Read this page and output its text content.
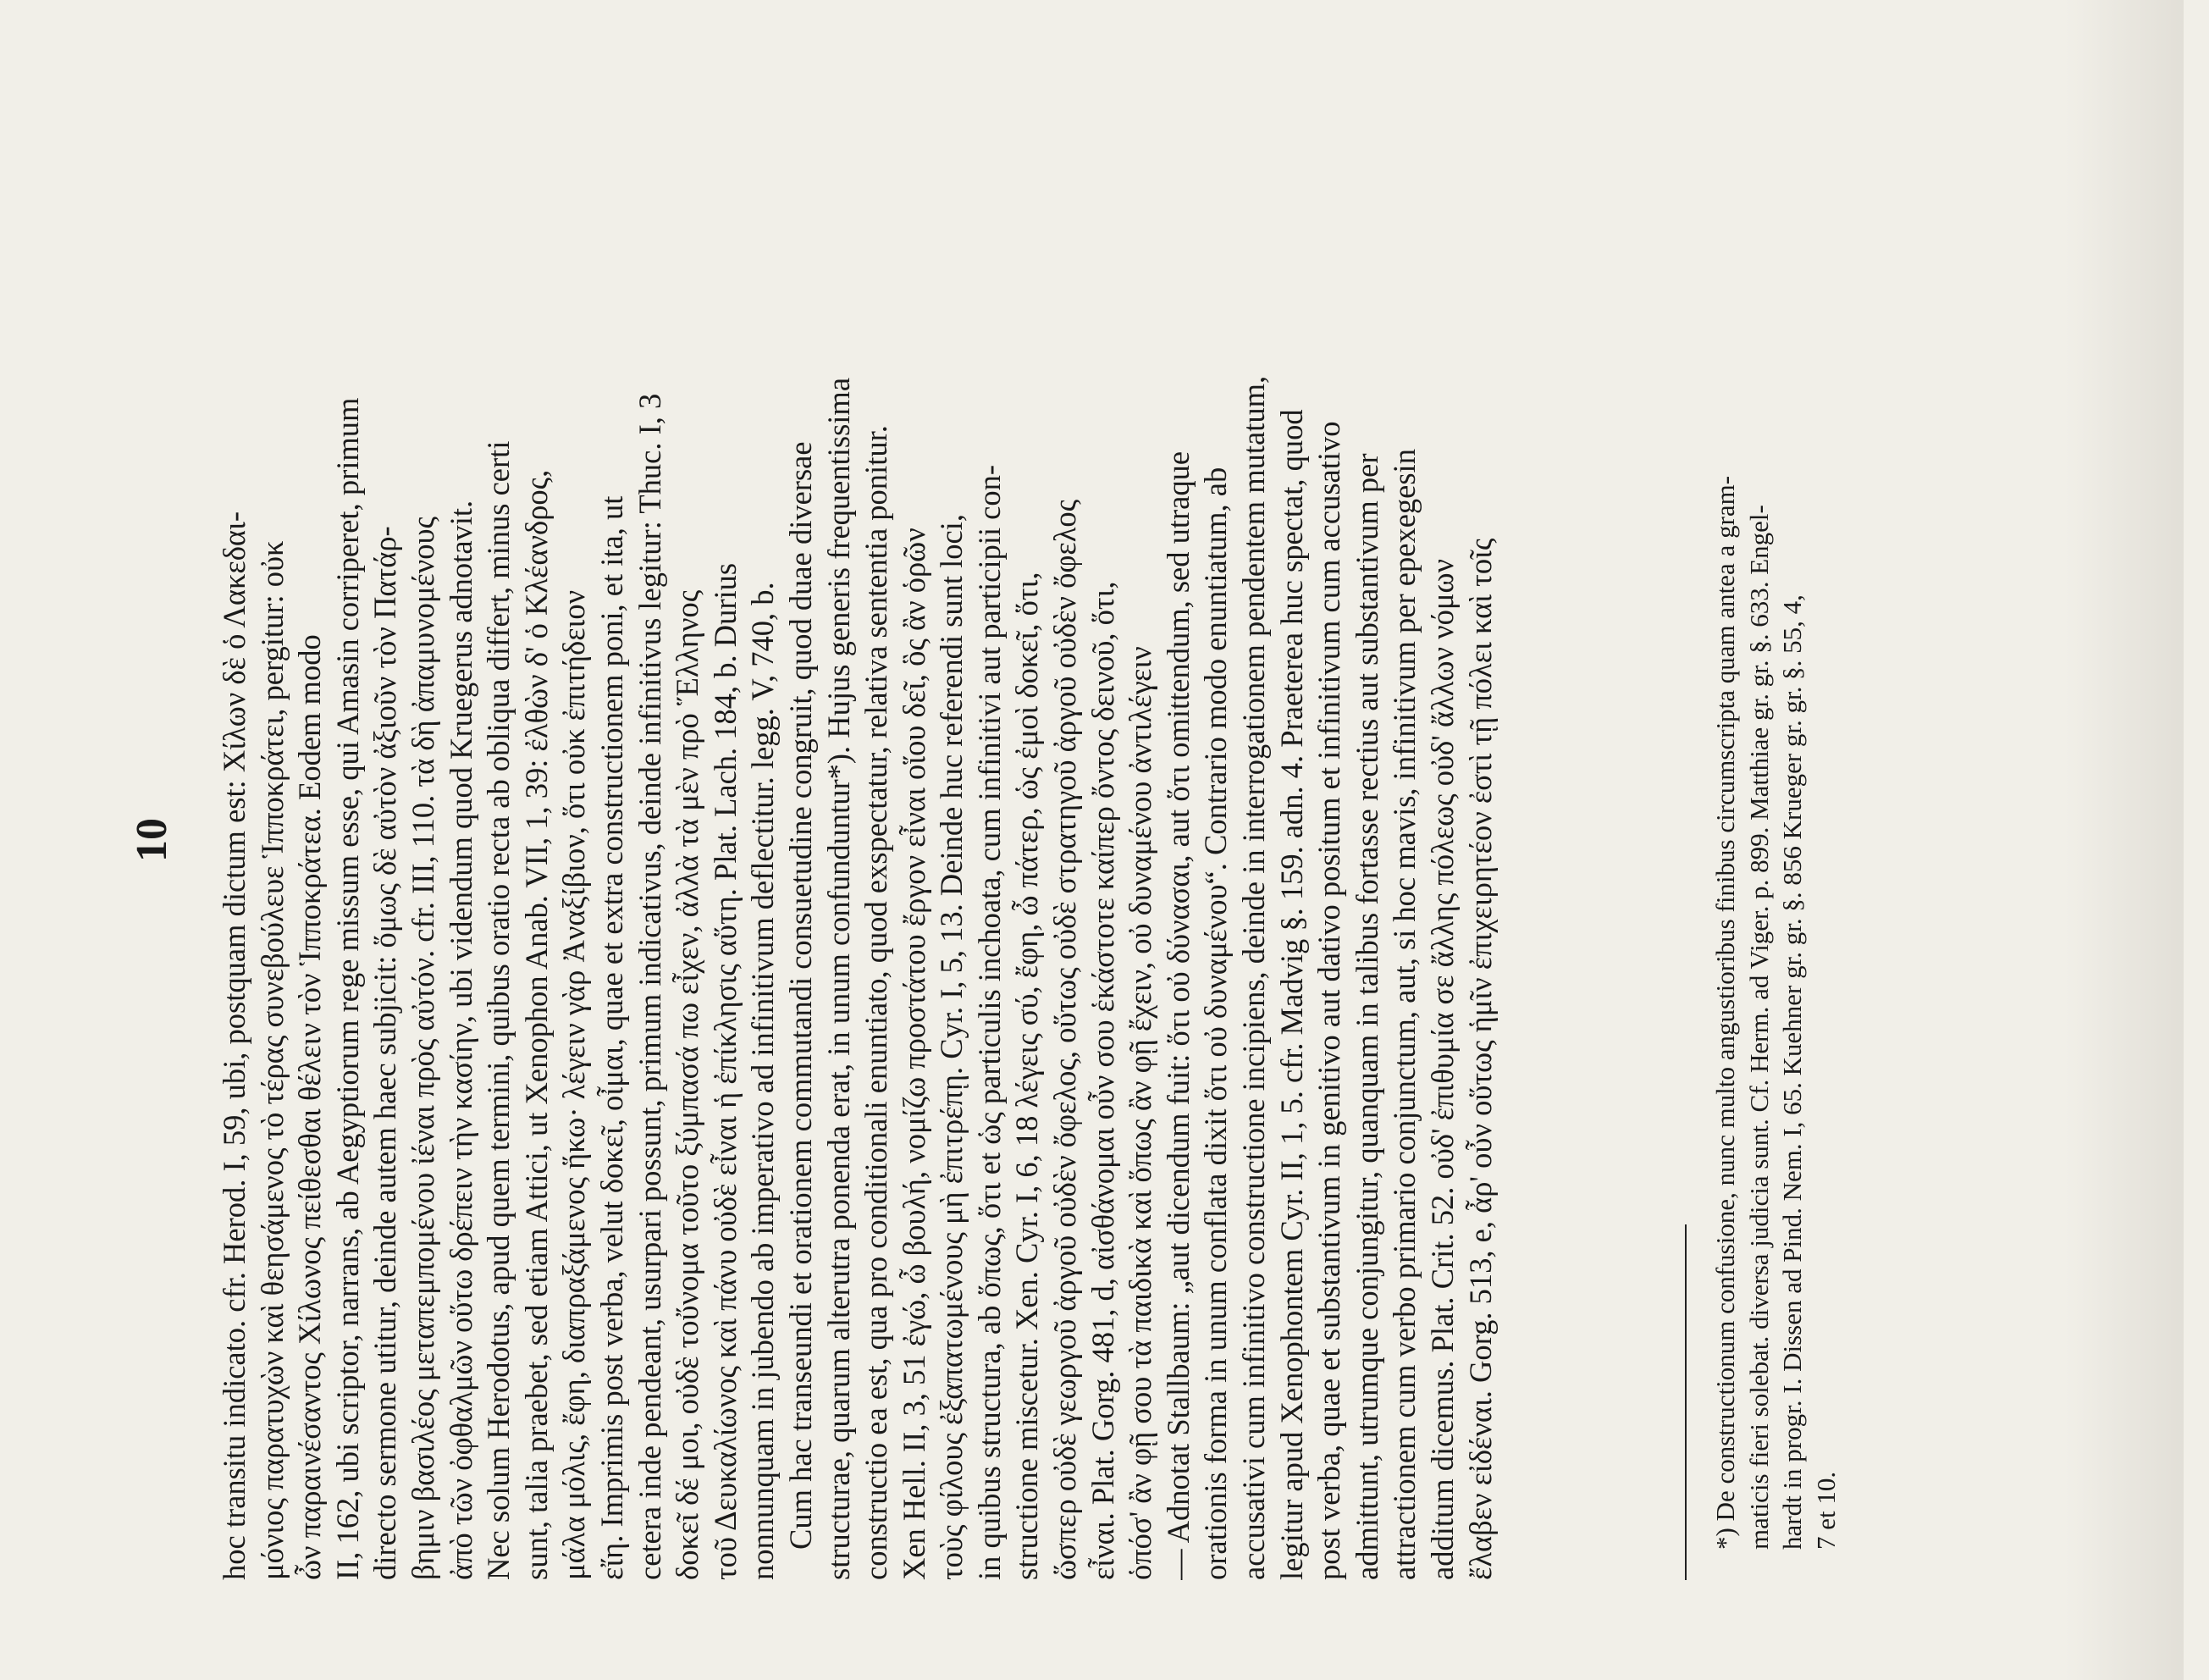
10 hoc transitu indicato. cfr. Herod. I, 59, ubi, postquam dictum est: Χίλων δὲ ὁ Λακεδαι- μόνιος παρατυχὼν καὶ θεησάμενος τὸ τέρας συνεβούλευε Ἱπποκράτει, pergitur: οὐκ ὦν παραινέσαντος Χίλωνος πείθεσθαι θέλειν τὸν Ἱπποκράτεα. Eodem modo II, 162, ubi scriptor, narrans, ab Aegyptiorum rege missum esse, qui Amasin corriperet, primum directo sermone utitur, deinde autem haec subjicit: ὅμως δὲ αὐτὸν ἀξιοῦν τὸν Πατάρ- βημιν βασιλέος μεταπεμπομένου ἰέναι πρὸς αὐτόν. cfr. III, 110. τὰ δὴ ἀπαμυνομένους ἀπὸ τῶν ὀφθαλμῶν οὕτω δρέπειν τὴν κασίην, ubi videndum quod Kruegerus adnotavit. Nec solum Herodotus, apud quem termini, quibus oratio recta ab obliqua differt, minus certi sunt, talia praebet, sed etiam Attici, ut Xenophon Anab. VII, 1, 39: ἐλθὼν δ' ὁ Κλέανδρος, μάλα μόλις, ἔφη, διαπραξάμενος ἥκω· λέγειν γὰρ Ἀναξίβιον, ὅτι οὐκ ἐπιτήδειον εἴη. Imprimis post verba, velut δοκεῖ, οἶμαι, quae et extra constructionem poni, et ita, ut cetera inde pendeant, usurpari possunt, primum indicativus, deinde infinitivus legitur: Thuc. I, 3 δοκεῖ δέ μοι, οὐδὲ τοὔνομα τοῦτο ξύμπασά πω εἶχεν, ἀλλὰ τὰ μὲν πρὸ Ἕλληνος τοῦ Δευκαλίωνος καὶ πάνυ οὐδὲ εἶναι ἡ ἐπίκλησις αὕτη. Plat. Lach. 184, b. Durius nonnunquam in jubendo ab imperativo ad infinitivum deflectitur. legg. V, 740, b. Cum hac transeundi et orationem commutandi consuetudine congruit, quod duae diversae structurae, quarum alterutra ponenda erat, in unum confunduntur*). Hujus generis frequentissima constructio ea est, qua pro conditionali enuntiato, quod exspectatur, relativa sententia ponitur. Xen Hell. II, 3, 51 ἐγώ, ὦ βουλή, νομίζω προστάτου ἔργον εἶναι οἵου δεῖ, ὃς ἂν ὁρῶν τοὺς φίλους ἐξαπατωμένους μὴ ἐπιτρέπῃ. Cyr. I, 5, 13. Deinde huc referendi sunt loci, in quibus structura, ab ὅπως, ὅτι et ὡς particulis inchoata, cum infinitivi aut participii con- structione miscetur. Xen. Cyr. I, 6, 18 λέγεις σύ, ἔφη, ὦ πάτερ, ὡς ἐμοὶ δοκεῖ, ὅτι, ὥσπερ οὐδὲ γεωργοῦ ἀργοῦ οὐδὲν ὄφελος, οὕτως οὐδὲ στρατηγοῦ ἀργοῦ οὐδὲν ὄφελος εἶναι. Plat. Gorg. 481, d, αἰσθάνομαι οὖν σου ἑκάστοτε καίπερ ὄντος δεινοῦ, ὅτι, ὁπόσ' ἂν φῇ σου τὰ παιδικὰ καὶ ὅπως ἂν φῇ ἔχειν, οὐ δυναμένου ἀντιλέγειν — Adnotat Stallbaum: „aut dicendum fuit: ὅτι οὐ δύνασαι, aut ὅτι omittendum, sed utraque orationis forma in unum conflata dixit ὅτι οὐ δυναμένου“. Contrario modo enuntiatum, ab accusativi cum infinitivo constructione incipiens, deinde in interrogationem pendentem mutatum, legitur apud Xenophontem Cyr. II, 1, 5. cfr. Madvig §. 159. adn. 4. Praeterea huc spectat, quod post verba, quae et substantivum in genitivo aut dativo positum et infinitivum cum accusativo admittunt, utrumque conjungitur, quanquam in talibus fortasse rectius aut substantivum per attractionem cum verbo primario conjunctum, aut, si hoc mavis, infinitivum per epexegesin additum dicemus. Plat. Crit. 52. οὐδ' ἐπιθυμία σε ἄλλης πόλεως οὐδ' ἄλλων νόμων ἔλαβεν εἰδέναι. Gorg. 513, e, ἆρ' οὖν οὕτως ἡμῖν ἐπιχειρητέον ἐστὶ τῇ πόλει καὶ τοῖς	*) De constructionum confusione, nunc multo angustioribus finibus circumscripta quam antea a gram- maticis fieri solebat. diversa judicia sunt. Cf. Herm. ad Viger. p. 899. Matthiae gr. gr. §. 633. Engel- hardt in progr. I. Dissen ad Pind. Nem. I, 65. Kuehner gr. gr. §. 856 Krueger gr. gr. §. 55, 4, 7 et 10.
